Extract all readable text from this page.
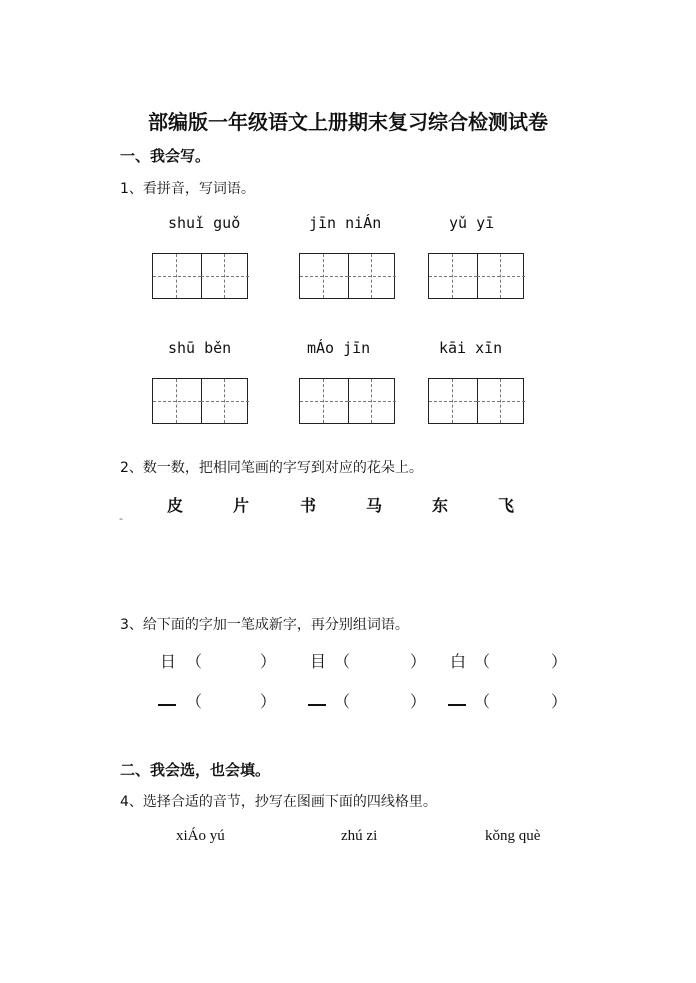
部编版一年级语文上册期末复习综合检测试卷
一、我会写。
1、看拼音，写词语。
shuǐ guǒ	jīn niÁn	yǔ yī
shū běn	mÁo jīn	kāi xīn
2、数一数，把相同笔画的字写到对应的花朵上。
皮	片	书	马	东	飞
-
3、给下面的字加一笔成新字，再分别组词语。
日 （	） 目 （	） 白 （	）
（	）	（	）	（	）
二、我会选，也会填。
4、选择合适的音节，抄写在图画下面的四线格里。
xiÁo yú	zhú zi	kǒng què
